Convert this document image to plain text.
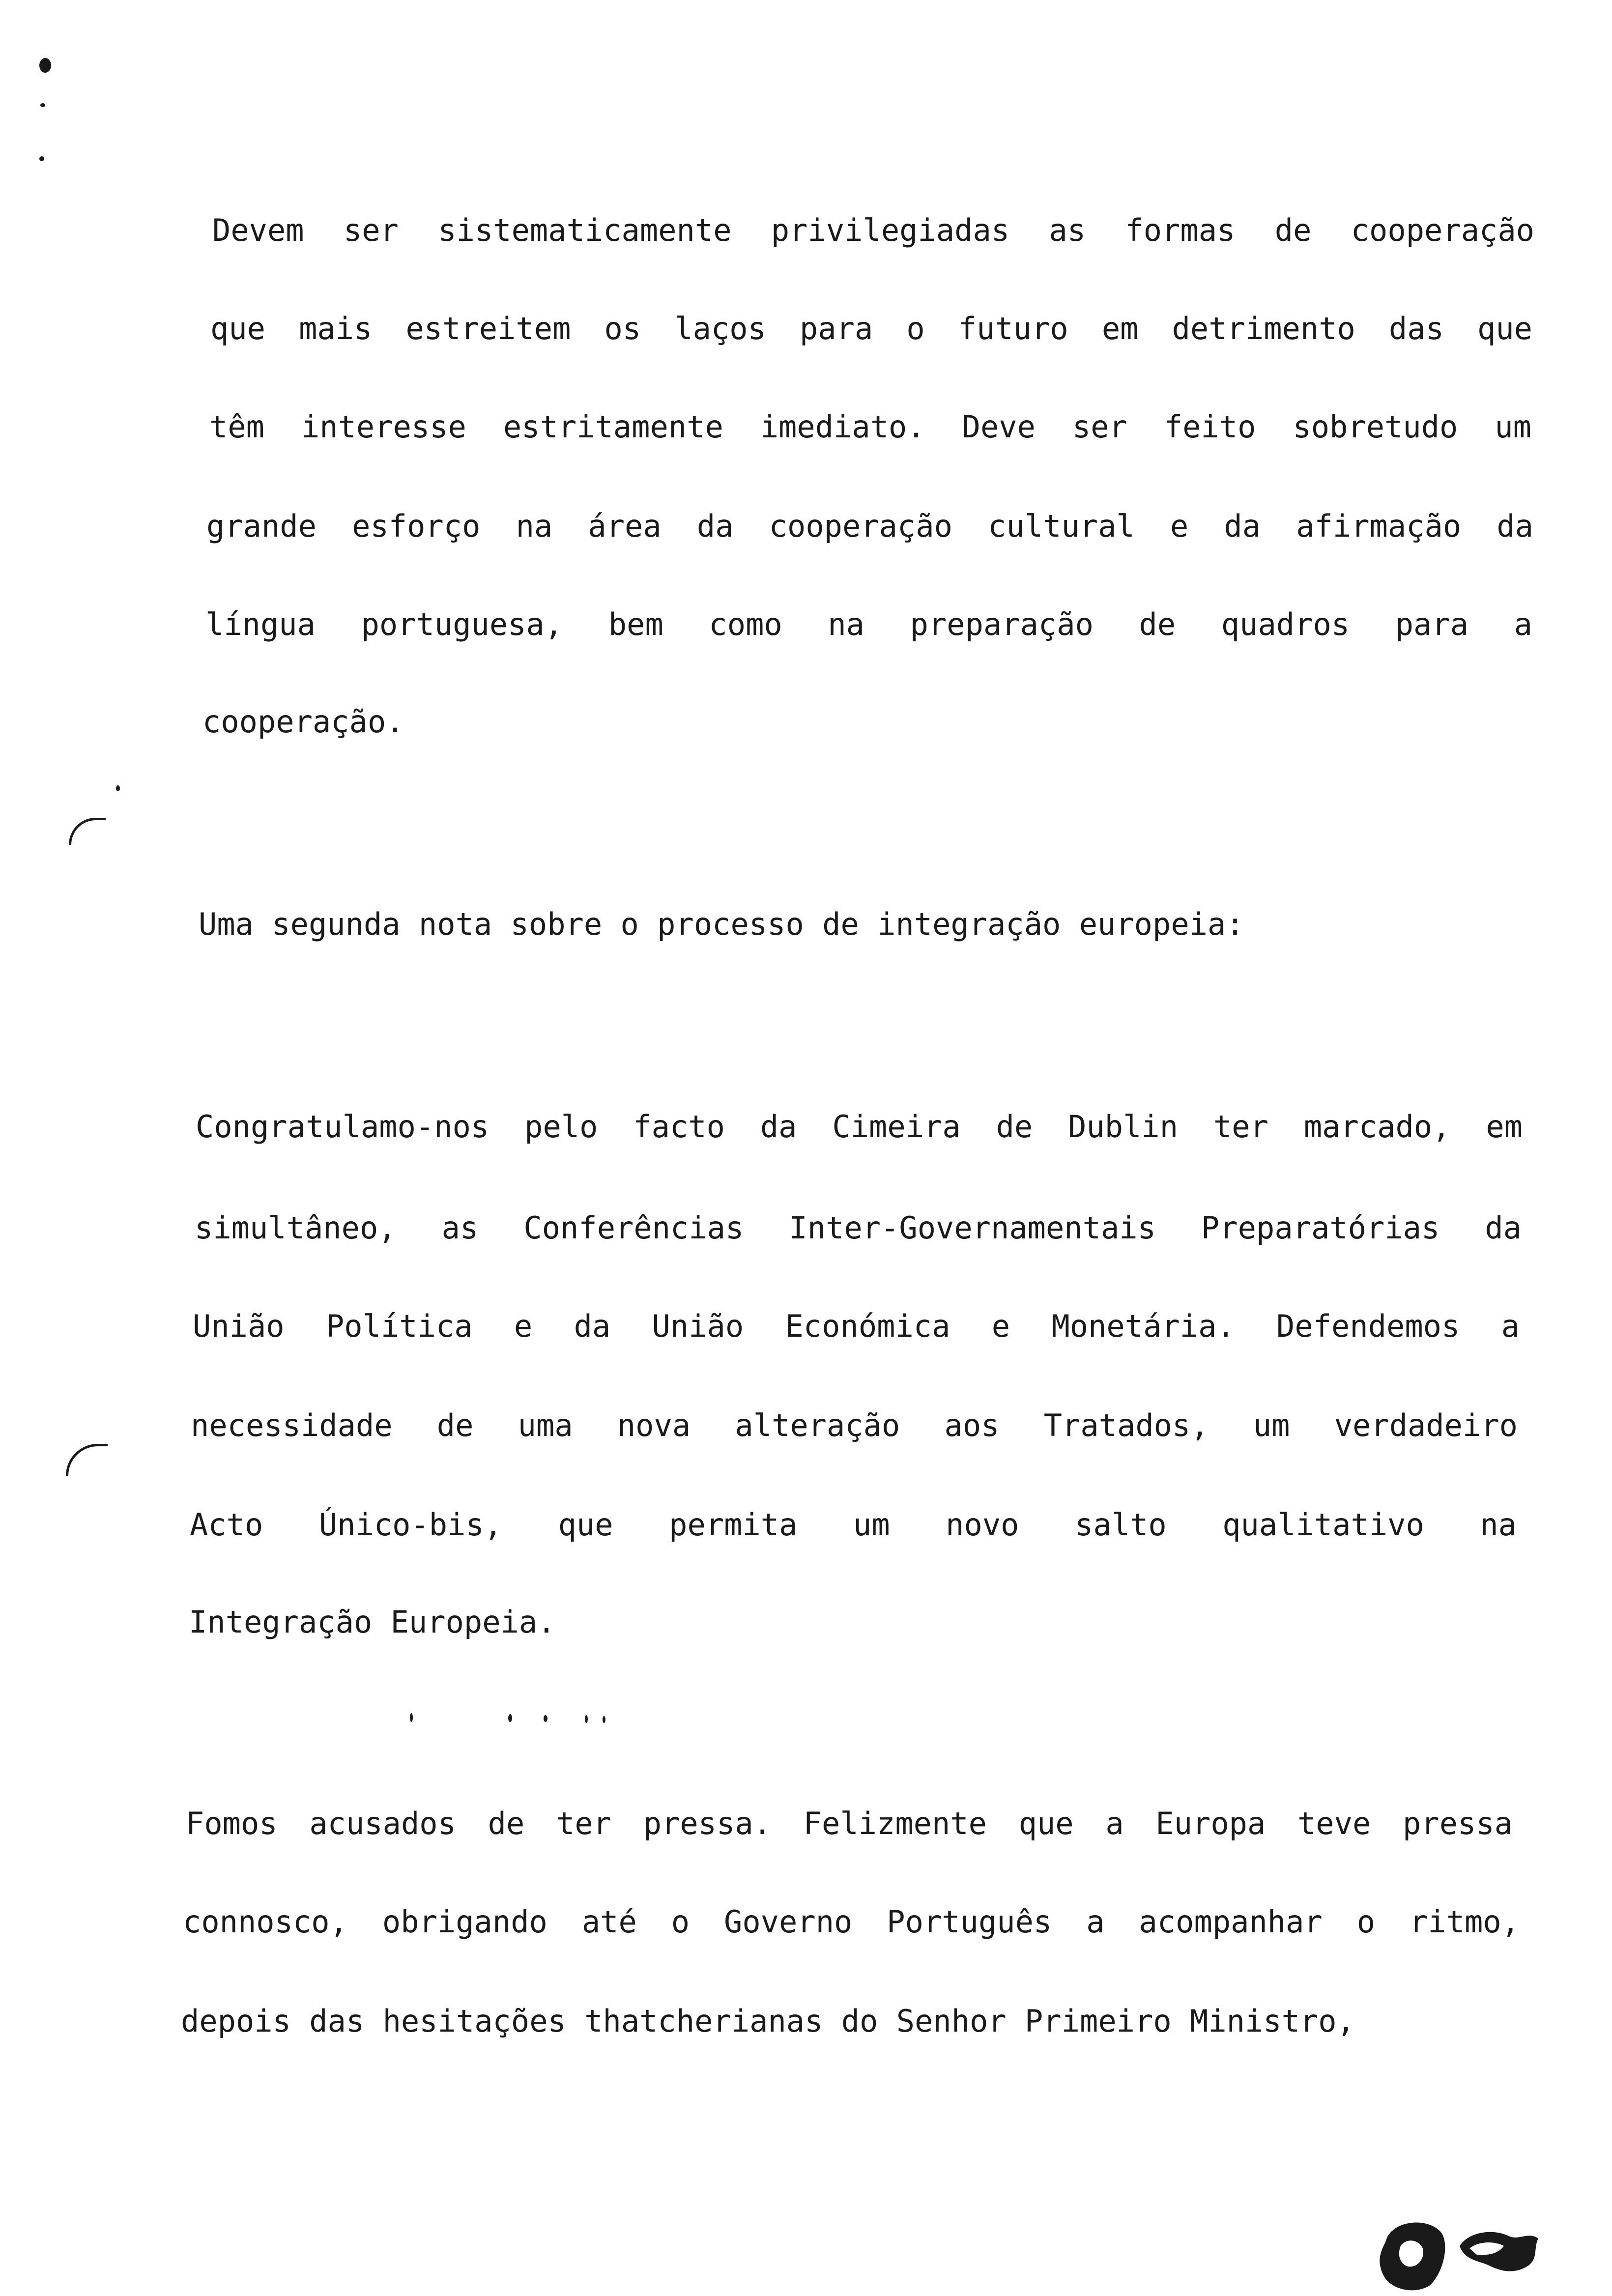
Devem ser sistematicamente privilegiadas as formas de cooperação
que mais estreitem os laços para o futuro em detrimento das que
têm interesse estritamente imediato. Deve ser feito sobretudo um
grande esforço na área da cooperação cultural e da afirmação da
língua portuguesa, bem como na preparação de quadros para a
cooperação.
Uma segunda nota sobre o processo de integração europeia:
Congratulamo-nos pelo facto da Cimeira de Dublin ter marcado, em
simultâneo, as Conferências Inter-Governamentais Preparatórias da
União Política e da União Económica e Monetária. Defendemos a
necessidade de uma nova alteração aos Tratados, um verdadeiro
Acto Único-bis, que permita um novo salto qualitativo na
Integração Europeia.
Fomos acusados de ter pressa. Felizmente que a Europa teve pressa
connosco, obrigando até o Governo Português a acompanhar o ritmo,
depois das hesitações thatcherianas do Senhor Primeiro Ministro,
